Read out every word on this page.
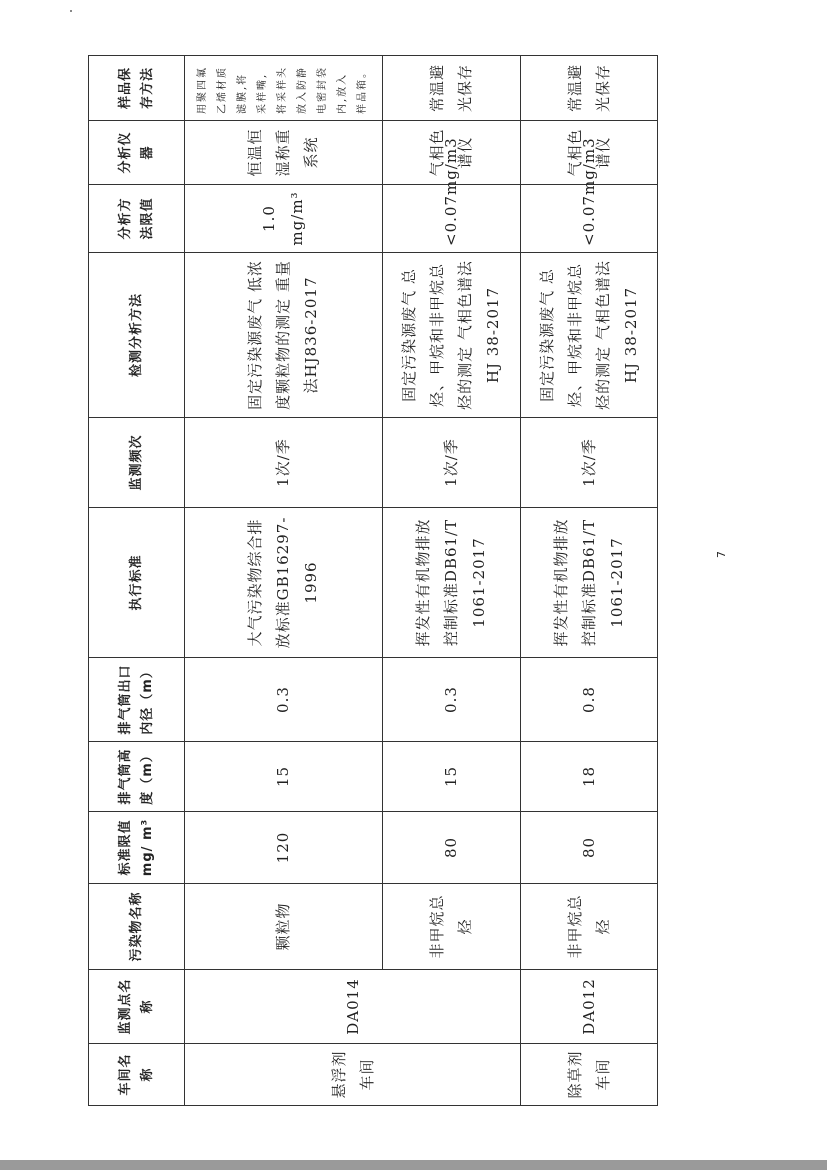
车间名称	监测点名称	污染物名称	标准限值mg/ m³	排气筒高度（m）	排气筒出口内径（m）	执行标准	监测频次	检测分析方法	分析方法限值	分析仪器	样品保存方法
悬浮剂车间	DA014	颗粒物	120	15	0.3	大气污染物综合排放标准GB16297-1996	1次/季	固定污染源废气 低浓度颗粒物的测定 重量法HJ836-2017	1.0 mg/m³	恒温恒湿称重系统	用聚四氟乙烯材质滤膜,将采样嘴,将采样头放入防静电密封袋内,放入样品箱。
		非甲烷总烃	80	15	0.3	挥发性有机物排放控制标准DB61/T 1061-2017	1次/季	固定污染源废气 总烃、甲烷和非甲烷总烃的测定 气相色谱法 HJ 38-2017	<0.07mg/m3	气相色谱仪	常温避光保存
除草剂车间	DA012	非甲烷总烃	80	18	0.8	挥发性有机物排放控制标准DB61/T 1061-2017	1次/季	固定污染源废气 总烃、甲烷和非甲烷总烃的测定 气相色谱法 HJ 38-2017	<0.07mg/m3	气相色谱仪	常温避光保存
7
